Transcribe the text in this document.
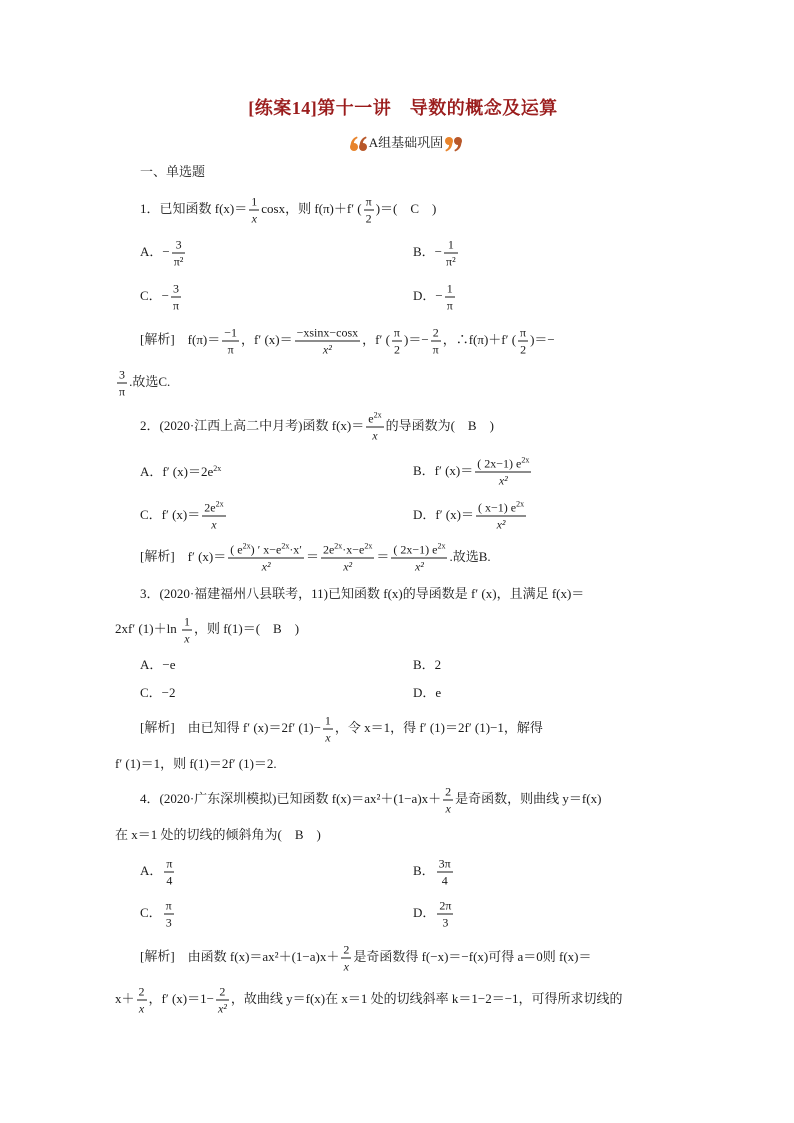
[练案14]第十一讲　导数的概念及运算
A组基础巩固
一、单选题
1．已知函数 $f(x)= \frac{1}{x}$ cosx，则 f(π)＋f′ ( $\frac{\pi}{2}$ )＝(　C　)
A．− $\frac{3}{\text{π²}}$	B．− $\frac{1}{\text{π²}}$
C．− $\frac{3}{\pi}$	D．− $\frac{1}{\pi}$
[解析] $f(\pi)= \frac{-1}{\pi}$ ，f′ $(x)= \frac{-xsinx-\cos x}{\text{x²}}$ ，f′ ( $\frac{\pi}{2}$ )＝− $\frac{2}{\pi}$ ，∴f(π)＋f′ ( $\frac{\pi}{2}$ )＝−
$\frac{3}{\pi}$ .故选C.
2．(2020·江西上高二中月考)函数 $f(x)= \frac{e^{2x}}{x}$ 的导函数为(　B　)
A．f′ $(x)=2e^{2x}$	B．f′ $(x)= \frac{( 2x-1) e^{2x}}{\text{x²}}$
C．f′ $(x)= \frac{2e^{2x}}{x}$	D．f′ $(x)= \frac{( x-1) e^{2x}}{\text{x²}}$
[解析] f′ $(x)= \frac{( e^{2x}) ' x-e^{2x}\cdot x'}{\text{x²}} = \frac{2e^{2x}\cdot x-e^{2x}}{\text{x²}} = \frac{( 2x-1) e^{2x}}{\text{x²}}$ .故选B.
3．(2020·福建福州八县联考，11)已知函数 f(x)的导函数是 f′ (x)，且满足 f(x)＝
2xf′ $(1)+\ln \frac{1}{x}$ ，则 f(1)＝(　B　)
A．−e	B．2
C．−2	D．e
[解析] 由已知得 f′ (x)＝2f′ $(1)- \frac{1}{x}$ ，令 x＝1，得 f′ (1)＝2f′ (1)−1，解得
f′ (1)＝1，则 f(1)＝2f′ (1)＝2.
4．(2020·广东深圳模拟)已知函数 $f(x)=ax^2+(1-a)x+ \frac{2}{x}$ 是奇函数，则曲线 y＝f(x)
在 x＝1 处的切线的倾斜角为(　B　)
A． $\frac{\pi}{4}$	B． $\frac{3\pi}{4}$
C． $\frac{\pi}{3}$	D． $\frac{2\pi}{3}$
[解析] 由函数 $f(x)=ax^2+(1-a)x+ \frac{2}{x}$ 是奇函数得 f(−x)＝−f(x)可得 a＝0则 f(x)＝
$x+ \frac{2}{x}$ ，f′ $(x)=1- \frac{2}{\text{x²}}$ ，故曲线 y＝f(x)在 x＝1 处的切线斜率 k＝1−2＝−1，可得所求切线的
